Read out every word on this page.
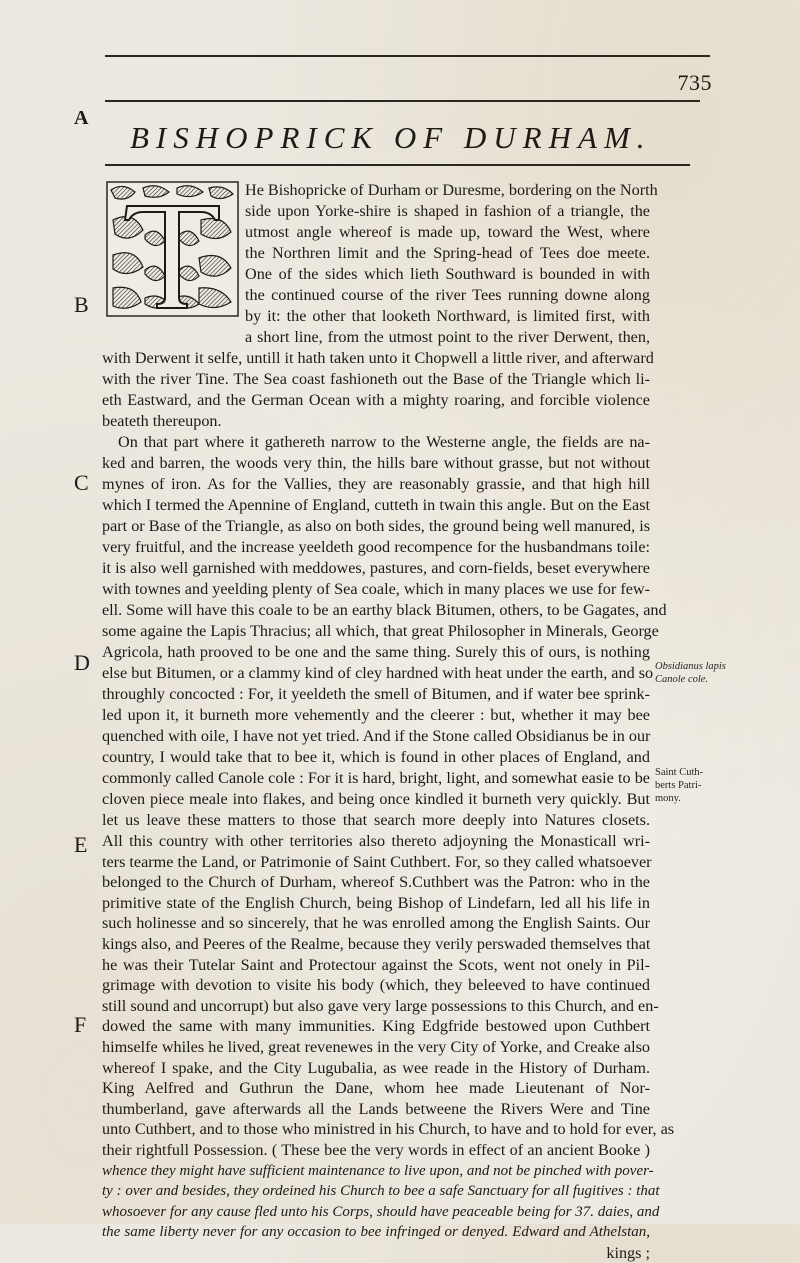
735
A
BISHOPRICK OF DURHAM.
He Bishopricke of Durham or Duresme, bordering on the North
side upon Yorke-shire is shaped in fashion of a triangle, the
utmost angle whereof is made up, toward the West, where
the Northren limit and the Spring-head of Tees doe meete.
One of the sides which lieth Southward is bounded in with
the continued course of the river Tees running downe along
by it: the other that looketh Northward, is limited first, with
a short line, from the utmost point to the river Derwent, then,
with Derwent it selfe, untill it hath taken unto it Chopwell a little river, and afterward
with the river Tine. The Sea coast fashioneth out the Base of the Triangle which li-
eth Eastward, and the German Ocean with a mighty roaring, and forcible violence
beateth thereupon.
On that part where it gathereth narrow to the Westerne angle, the fields are na-
ked and barren, the woods very thin, the hills bare without grasse, but not without
mynes of iron. As for the Vallies, they are reasonably grassie, and that high hill
which I termed the Apennine of England, cutteth in twain this angle. But on the East
part or Base of the Triangle, as also on both sides, the ground being well manured, is
very fruitful, and the increase yeeldeth good recompence for the husbandmans toile:
it is also well garnished with meddowes, pastures, and corn-fields, beset everywhere
with townes and yeelding plenty of Sea coale, which in many places we use for few-
ell. Some will have this coale to be an earthy black Bitumen, others, to be Gagates, and
some againe the Lapis Thracius; all which, that great Philosopher in Minerals, George
Agricola, hath prooved to be one and the same thing. Surely this of ours, is nothing
else but Bitumen, or a clammy kind of cley hardned with heat under the earth, and so
throughly concocted : For, it yeeldeth the smell of Bitumen, and if water bee sprink-
led upon it, it burneth more vehemently and the cleerer : but, whether it may bee
quenched with oile, I have not yet tried. And if the Stone called Obsidianus be in our
country, I would take that to bee it, which is found in other places of England, and
commonly called Canole cole : For it is hard, bright, light, and somewhat easie to be
cloven piece meale into flakes, and being once kindled it burneth very quickly. But
let us leave these matters to those that search more deeply into Natures closets.
All this country with other territories also thereto adjoyning the Monasticall wri-
ters tearme the Land, or Patrimonie of Saint Cuthbert. For, so they called whatsoever
belonged to the Church of Durham, whereof S.Cuthbert was the Patron: who in the
primitive state of the English Church, being Bishop of Lindefarn, led all his life in
such holinesse and so sincerely, that he was enrolled among the English Saints. Our
kings also, and Peeres of the Realme, because they verily perswaded themselves that
he was their Tutelar Saint and Protectour against the Scots, went not onely in Pil-
grimage with devotion to visite his body (which, they beleeved to have continued
still sound and uncorrupt) but also gave very large possessions to this Church, and en-
dowed the same with many immunities. King Edgfride bestowed upon Cuthbert
himselfe whiles he lived, great revenewes in the very City of Yorke, and Creake also
whereof I spake, and the City Lugubalia, as wee reade in the History of Durham.
King Aelfred and Guthrun the Dane, whom hee made Lieutenant of Nor-
thumberland, gave afterwards all the Lands betweene the Rivers Were and Tine
unto Cuthbert, and to those who ministred in his Church, to have and to hold for ever, as
their rightfull Possession. ( These bee the very words in effect of an ancient Booke )
whence they might have sufficient maintenance to live upon, and not be pinched with pover-
ty : over and besides, they ordeined his Church to bee a safe Sanctuary for all fugitives : that
whosoever for any cause fled unto his Corps, should have peaceable being for 37. daies, and
the same liberty never for any occasion to bee infringed or denyed. Edward and Athelstan,
kings ;
B
C
D
E
F
Obsidianus lapis
Canole cole.
Saint Cuth-
berts Patri-
mony.
